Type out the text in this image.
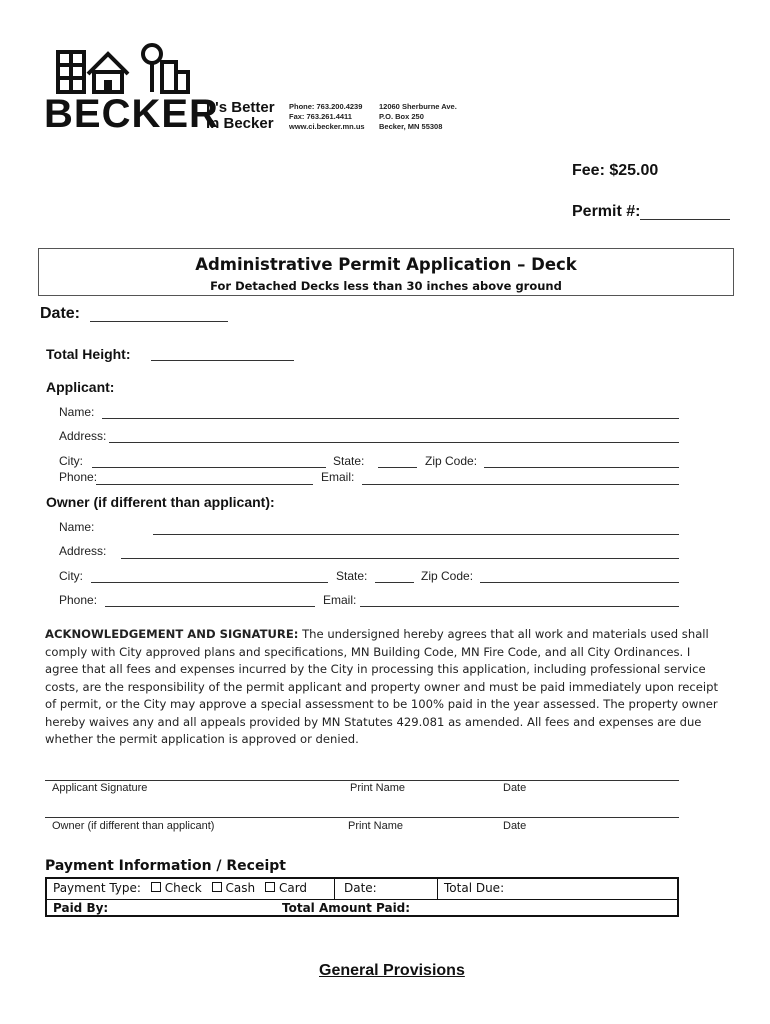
BECKER
It's Better
in Becker
Phone: 763.200.4239
Fax: 763.261.4411
www.ci.becker.mn.us
12060 Sherburne Ave.
P.O. Box 250
Becker, MN 55308
Fee: $25.00
Permit #:
Administrative Permit Application – Deck
For Detached Decks less than 30 inches above ground
Date:
Total Height:
Applicant:
Name:
Address:
City:	State:	Zip Code:
Phone:	Email:
Owner (if different than applicant):
Name:
Address:
City:	State:	Zip Code:
Phone:	Email:
ACKNOWLEDGEMENT AND SIGNATURE: The undersigned hereby agrees that all work and materials used shall comply with City approved plans and specifications, MN Building Code, MN Fire Code, and all City Ordinances. I agree that all fees and expenses incurred by the City in processing this application, including professional service costs, are the responsibility of the permit applicant and property owner and must be paid immediately upon receipt of permit, or the City may approve a special assessment to be 100% paid in the year assessed. The property owner hereby waives any and all appeals provided by MN Statutes 429.081 as amended. All fees and expenses are due whether the permit application is approved or denied.
Applicant Signature	Print Name	Date
Owner (if different than applicant)	Print Name	Date
Payment Information / Receipt
Payment Type: Check Cash Card	Date:	Total Due:
Paid By:	Total Amount Paid:
General Provisions
